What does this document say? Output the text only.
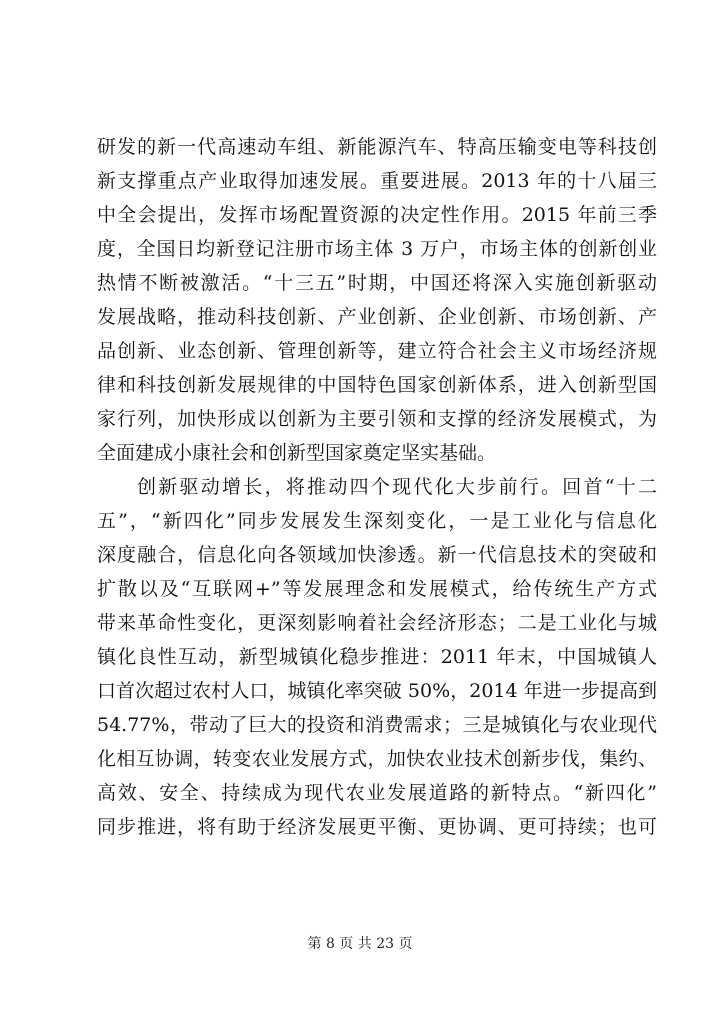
研发的新一代高速动车组、新能源汽车、特高压输变电等科技创
新支撑重点产业取得加速发展。重要进展。2013 年的十八届三
中全会提出，发挥市场配置资源的决定性作用。2015 年前三季
度，全国日均新登记注册市场主体 3 万户，市场主体的创新创业
热情不断被激活。“十三五”时期，中国还将深入实施创新驱动
发展战略，推动科技创新、产业创新、企业创新、市场创新、产
品创新、业态创新、管理创新等，建立符合社会主义市场经济规
律和科技创新发展规律的中国特色国家创新体系，进入创新型国
家行列，加快形成以创新为主要引领和支撑的经济发展模式，为
全面建成小康社会和创新型国家奠定坚实基础。
创新驱动增长，将推动四个现代化大步前行。回首“十二
五”，“新四化”同步发展发生深刻变化，一是工业化与信息化
深度融合，信息化向各领域加快渗透。新一代信息技术的突破和
扩散以及“互联网+”等发展理念和发展模式，给传统生产方式
带来革命性变化，更深刻影响着社会经济形态；二是工业化与城
镇化良性互动，新型城镇化稳步推进：2011 年末，中国城镇人
口首次超过农村人口，城镇化率突破 50%，2014 年进一步提高到
54.77%，带动了巨大的投资和消费需求；三是城镇化与农业现代
化相互协调，转变农业发展方式，加快农业技术创新步伐，集约、
高效、安全、持续成为现代农业发展道路的新特点。“新四化”
同步推进，将有助于经济发展更平衡、更协调、更可持续；也可
第 8 页 共 23 页
